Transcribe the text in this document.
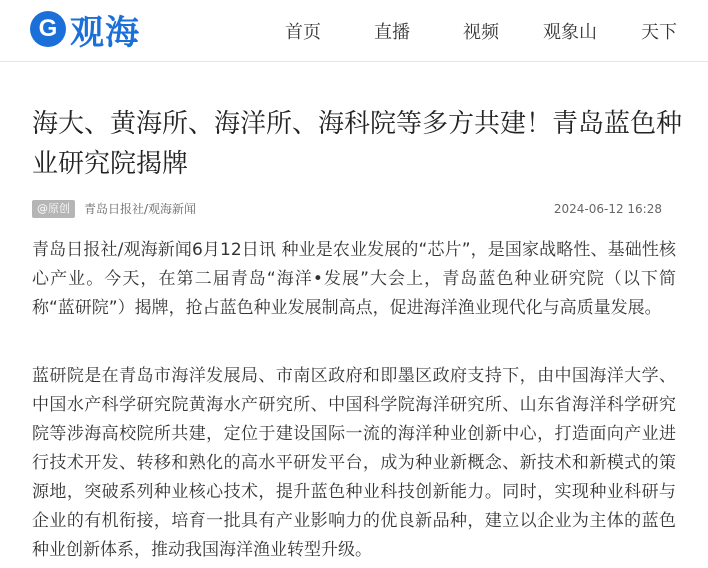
G 观海	首页	直播	视频 观象山 天下
海大、黄海所、海洋所、海科院等多方共建！青岛蓝色种业研究院揭牌
@原创	青岛日报社/观海新闻	2024-06-12 16:28

青岛日报社/观海新闻6月12日讯 种业是农业发展的“芯片”，是国家战略性、基础性核心产业。今天，在第二届青岛“海洋•发展”大会上，青岛蓝色种业研究院（以下简称“蓝研院”）揭牌，抢占蓝色种业发展制高点，促进海洋渔业现代化与高质量发展。

蓝研院是在青岛市海洋发展局、市南区政府和即墨区政府支持下，由中国海洋大学、中国水产科学研究院黄海水产研究所、中国科学院海洋研究所、山东省海洋科学研究院等涉海高校院所共建，定位于建设国际一流的海洋种业创新中心，打造面向产业进行技术开发、转移和熟化的高水平研发平台，成为种业新概念、新技术和新模式的策源地，突破系列种业核心技术，提升蓝色种业科技创新能力。同时，实现种业科研与企业的有机衔接，培育一批具有产业影响力的优良新品种，建立以企业为主体的蓝色种业创新体系，推动我国海洋渔业转型升级。
